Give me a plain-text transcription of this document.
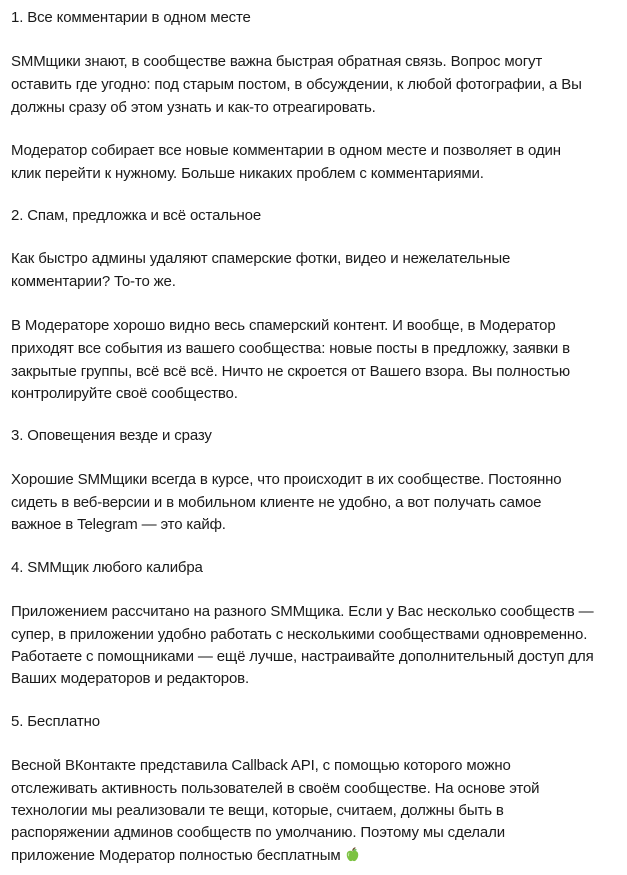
1. Все комментарии в одном месте
SMMщики знают, в сообществе важна быстрая обратная связь. Вопрос могут
оставить где угодно: под старым постом, в обсуждении, к любой фотографии, а Вы
должны сразу об этом узнать и как-то отреагировать.
Модератор собирает все новые комментарии в одном месте и позволяет в один
клик перейти к нужному. Больше никаких проблем с комментариями.
2. Спам, предложка и всё остальное
Как быстро админы удаляют спамерские фотки, видео и нежелательные
комментарии? То-то же.
В Модераторе хорошо видно весь спамерский контент. И вообще, в Модератор
приходят все события из вашего сообщества: новые посты в предложку, заявки в
закрытые группы, всё всё всё. Ничто не скроется от Вашего взора. Вы полностью
контролируйте своё сообщество.
3. Оповещения везде и сразу
Хорошие SMMщики всегда в курсе, что происходит в их сообществе. Постоянно
сидеть в веб-версии и в мобильном клиенте не удобно, а вот получать самое
важное в Telegram — это кайф.
4. SMMщик любого калибра
Приложением рассчитано на разного SMMщика. Если у Вас несколько сообществ —
супер, в приложении удобно работать с несколькими сообществами одновременно.
Работаете с помощниками — ещё лучше, настраивайте дополнительный доступ для
Ваших модераторов и редакторов.
5. Бесплатно
Весной ВКонтакте представила Callback API, с помощью которого можно
отслеживать активность пользователей в своём сообществе. На основе этой
технологии мы реализовали те вещи, которые, считаем, должны быть в
распоряжении админов сообществ по умолчанию. Поэтому мы сделали
приложение Модератор полностью бесплатным
